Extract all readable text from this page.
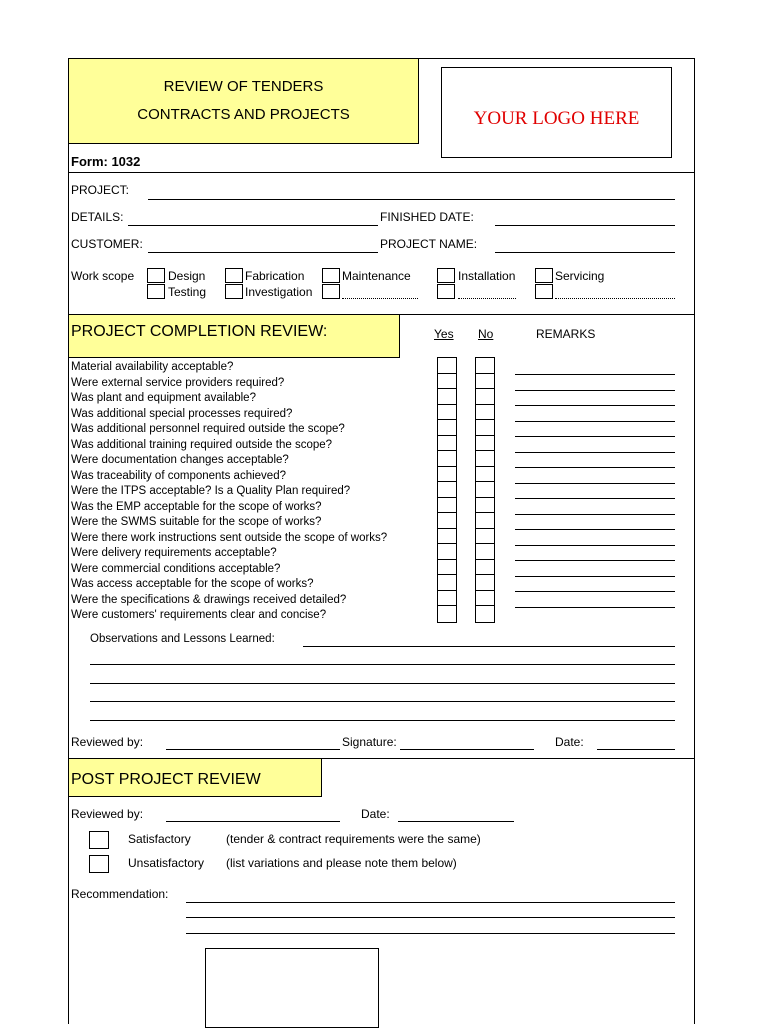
REVIEW OF TENDERS
CONTRACTS AND PROJECTS	YOUR LOGO HERE
Form: 1032
PROJECT:
DETAILS:	FINISHED DATE:
CUSTOMER:	PROJECT NAME:
Work scope	Design	Fabrication	Maintenance	Installation	Servicing
Testing	Investigation
PROJECT COMPLETION REVIEW:	Yes No	REMARKS
Material availability acceptable?
Were external service providers required?
Was plant and equipment available?
Was additional special processes required?
Was additional personnel required outside the scope?
Was additional training required outside the scope?
Were documentation changes acceptable?
Was traceability of components achieved?
Were the ITPS acceptable? Is a Quality Plan required?
Was the EMP acceptable for the scope of works?
Were the SWMS suitable for the scope of works?
Were there work instructions sent outside the scope of works?
Were delivery requirements acceptable?
Were commercial conditions acceptable?
Was access acceptable for the scope of works?
Were the specifications & drawings received detailed?
Were customers' requirements clear and concise?
Observations and Lessons Learned:
Reviewed by:	Signature:	Date:
POST PROJECT REVIEW
Reviewed by:	Date:
Satisfactory	(tender & contract requirements were the same)
Unsatisfactory (list variations and please note them below)
Recommendation:
